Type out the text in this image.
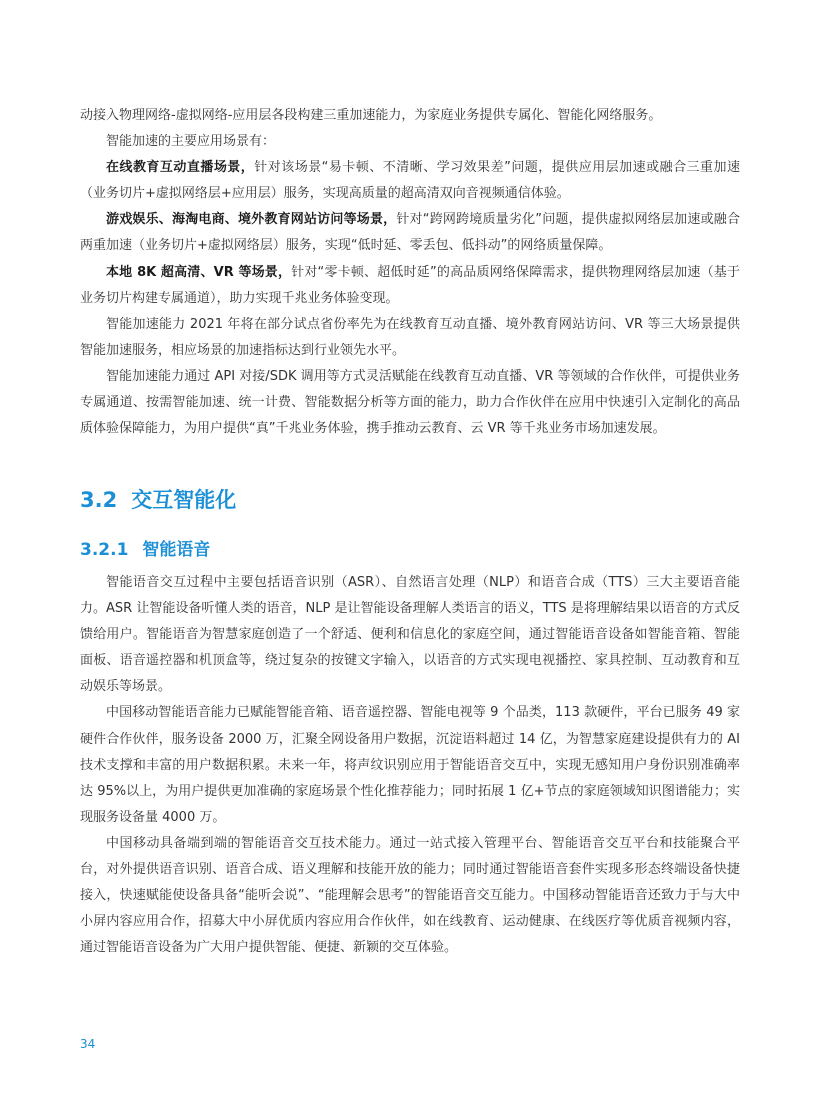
动接入物理网络-虚拟网络-应用层各段构建三重加速能力，为家庭业务提供专属化、智能化网络服务。

智能加速的主要应用场景有：

在线教育互动直播场景，针对该场景“易卡顿、不清晰、学习效果差”问题，提供应用层加速或融合三重加速（业务切片+虚拟网络层+应用层）服务，实现高质量的超高清双向音视频通信体验。

游戏娱乐、海淘电商、境外教育网站访问等场景，针对“跨网跨境质量劣化”问题，提供虚拟网络层加速或融合两重加速（业务切片+虚拟网络层）服务，实现“低时延、零丢包、低抖动”的网络质量保障。

本地 8K 超高清、VR 等场景，针对“零卡顿、超低时延”的高品质网络保障需求，提供物理网络层加速（基于业务切片构建专属通道），助力实现千兆业务体验变现。

智能加速能力 2021 年将在部分试点省份率先为在线教育互动直播、境外教育网站访问、VR 等三大场景提供智能加速服务，相应场景的加速指标达到行业领先水平。

智能加速能力通过 API 对接/SDK 调用等方式灵活赋能在线教育互动直播、VR 等领域的合作伙伴，可提供业务专属通道、按需智能加速、统一计费、智能数据分析等方面的能力，助力合作伙伴在应用中快速引入定制化的高品质体验保障能力，为用户提供“真”千兆业务体验，携手推动云教育、云 VR 等千兆业务市场加速发展。

3.2 交互智能化
3.2.1 智能语音

智能语音交互过程中主要包括语音识别（ASR）、自然语言处理（NLP）和语音合成（TTS）三大主要语音能力。ASR 让智能设备听懂人类的语音，NLP 是让智能设备理解人类语言的语义，TTS 是将理解结果以语音的方式反馈给用户。智能语音为智慧家庭创造了一个舒适、便利和信息化的家庭空间，通过智能语音设备如智能音箱、智能面板、语音遥控器和机顶盒等，绕过复杂的按键文字输入，以语音的方式实现电视播控、家具控制、互动教育和互动娱乐等场景。

中国移动智能语音能力已赋能智能音箱、语音遥控器、智能电视等 9 个品类，113 款硬件，平台已服务 49 家硬件合作伙伴，服务设备 2000 万，汇聚全网设备用户数据，沉淀语料超过 14 亿，为智慧家庭建设提供有力的 AI 技术支撑和丰富的用户数据积累。未来一年，将声纹识别应用于智能语音交互中，实现无感知用户身份识别准确率达 95%以上，为用户提供更加准确的家庭场景个性化推荐能力；同时拓展 1 亿+节点的家庭领域知识图谱能力；实现服务设备量 4000 万。

中国移动具备端到端的智能语音交互技术能力。通过一站式接入管理平台、智能语音交互平台和技能聚合平台，对外提供语音识别、语音合成、语义理解和技能开放的能力；同时通过智能语音套件实现多形态终端设备快捷接入，快速赋能使设备具备“能听会说”、“能理解会思考”的智能语音交互能力。中国移动智能语音还致力于与大中小屏内容应用合作，招募大中小屏优质内容应用合作伙伴，如在线教育、运动健康、在线医疗等优质音视频内容，通过智能语音设备为广大用户提供智能、便捷、新颖的交互体验。

34
